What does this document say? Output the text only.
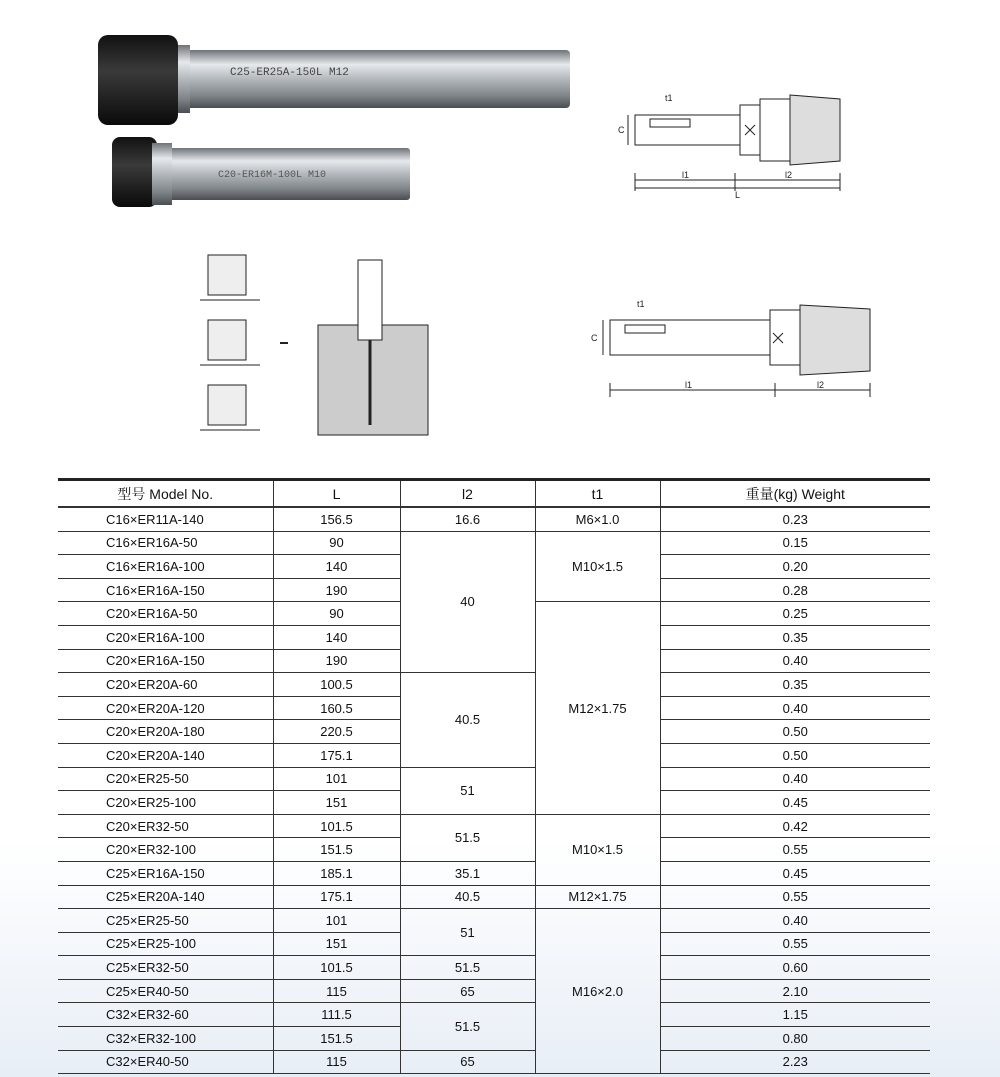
C25-ER25A-150L M12
C20-ER16M-100L M10
t1
C
l1	l2
L
t1
C
l1	l2
型号 Model No.	L	l2	t1	重量(kg) Weight
C16×ER11A-140	156.5	16.6	M6×1.0	0.23
C16×ER16A-50	90	40	M10×1.5	0.15
C16×ER16A-100	140			0.20
C16×ER16A-150	190			0.28
C20×ER16A-50	90		M12×1.75	0.25
C20×ER16A-100	140			0.35
C20×ER16A-150	190			0.40
C20×ER20A-60	100.5	40.5		0.35
C20×ER20A-120	160.5			0.40
C20×ER20A-180	220.5			0.50
C20×ER20A-140	175.1			0.50
C20×ER25-50	101	51		0.40
C20×ER25-100	151			0.45
C20×ER32-50	101.5	51.5	M10×1.5	0.42
C20×ER32-100	151.5			0.55
C25×ER16A-150	185.1	35.1		0.45
C25×ER20A-140	175.1	40.5	M12×1.75	0.55
C25×ER25-50	101	51	M16×2.0	0.40
C25×ER25-100	151			0.55
C25×ER32-50	101.5	51.5		0.60
C25×ER40-50	115	65		2.10
C32×ER32-60	111.5	51.5		1.15
C32×ER32-100	151.5			0.80
C32×ER40-50	115	65		2.23
